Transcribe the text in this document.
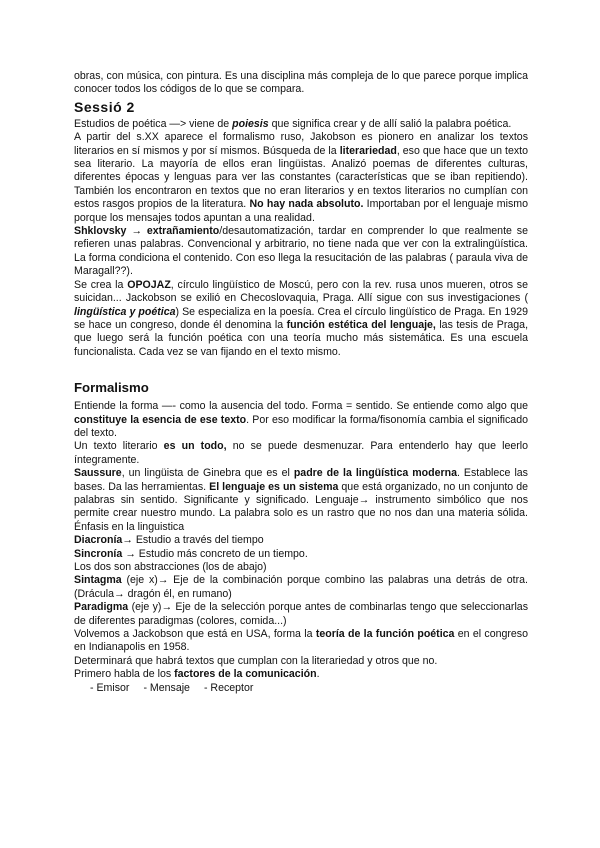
obras, con música, con pintura. Es una disciplina más compleja de lo que parece porque implica conocer todos los códigos de lo que se compara.

Sessió 2

Estudios de poética —> viene de poiesis que significa crear y de allí salió la palabra poética.

A partir del s.XX aparece el formalismo ruso, Jakobson es pionero en analizar los textos literarios en sí mismos y por sí mismos. Búsqueda de la literariedad, eso que hace que un texto sea literario. La mayoría de ellos eran lingüistas. Analizó poemas de diferentes culturas, diferentes épocas y lenguas para ver las constantes (características que se iban repitiendo). También los encontraron en textos que no eran literarios y en textos literarios no cumplían con estos rasgos propios de la literatura. No hay nada absoluto. Importaban por el lenguaje mismo porque los mensajes todos apuntan a una realidad.

Shklovsky → extrañamiento/desautomatización, tardar en comprender lo que realmente se refieren unas palabras. Convencional y arbitrario, no tiene nada que ver con la extralingüística. La forma condiciona el contenido. Con eso llega la resucitación de las palabras ( paraula viva de Maragall??).

Se crea la OPOJAZ, círculo lingüístico de Moscú, pero con la rev. rusa unos mueren, otros se suicidan... Jackobson se exilió en Checoslovaquia, Praga. Allí sigue con sus investigaciones ( lingüística y poética) Se especializa en la poesía. Crea el círculo lingüístico de Praga. En 1929 se hace un congreso, donde él denomina la función estética del lenguaje, las tesis de Praga, que luego será la función poética con una teoría mucho más sistemática. Es una escuela funcionalista. Cada vez se van fijando en el texto mismo.

Formalismo

Entiende la forma —- como la ausencia del todo. Forma = sentido. Se entiende como algo que constituye la esencia de ese texto. Por eso modificar la forma/fisonomía cambia el significado del texto.

Un texto literario es un todo, no se puede desmenuzar. Para entenderlo hay que leerlo íntegramente.

Saussure, un lingüista de Ginebra que es el padre de la lingüística moderna. Establece las bases. Da las herramientas. El lenguaje es un sistema que está organizado, no un conjunto de palabras sin sentido. Significante y significado. Lenguaje→ instrumento simbólico que nos permite crear nuestro mundo. La palabra solo es un rastro que no nos dan una materia sólida. Énfasis en la linguistica

Diacronía→ Estudio a través del tiempo

Sincronía → Estudio más concreto de un tiempo.

Los dos son abstracciones (los de abajo)

Sintagma (eje x)→ Eje de la combinación porque combino las palabras una detrás de otra. (Drácula→ dragón él, en rumano)

Paradigma (eje y)→ Eje de la selección porque antes de combinarlas tengo que seleccionarlas de diferentes paradigmas (colores, comida...)

Volvemos a Jackobson que está en USA, forma la teoría de la función poética en el congreso en Indianapolis en 1958.

Determinará que habrá textos que cumplan con la literariedad y otros que no.

Primero habla de los factores de la comunicación.

- Emisor - Mensaje - Receptor
